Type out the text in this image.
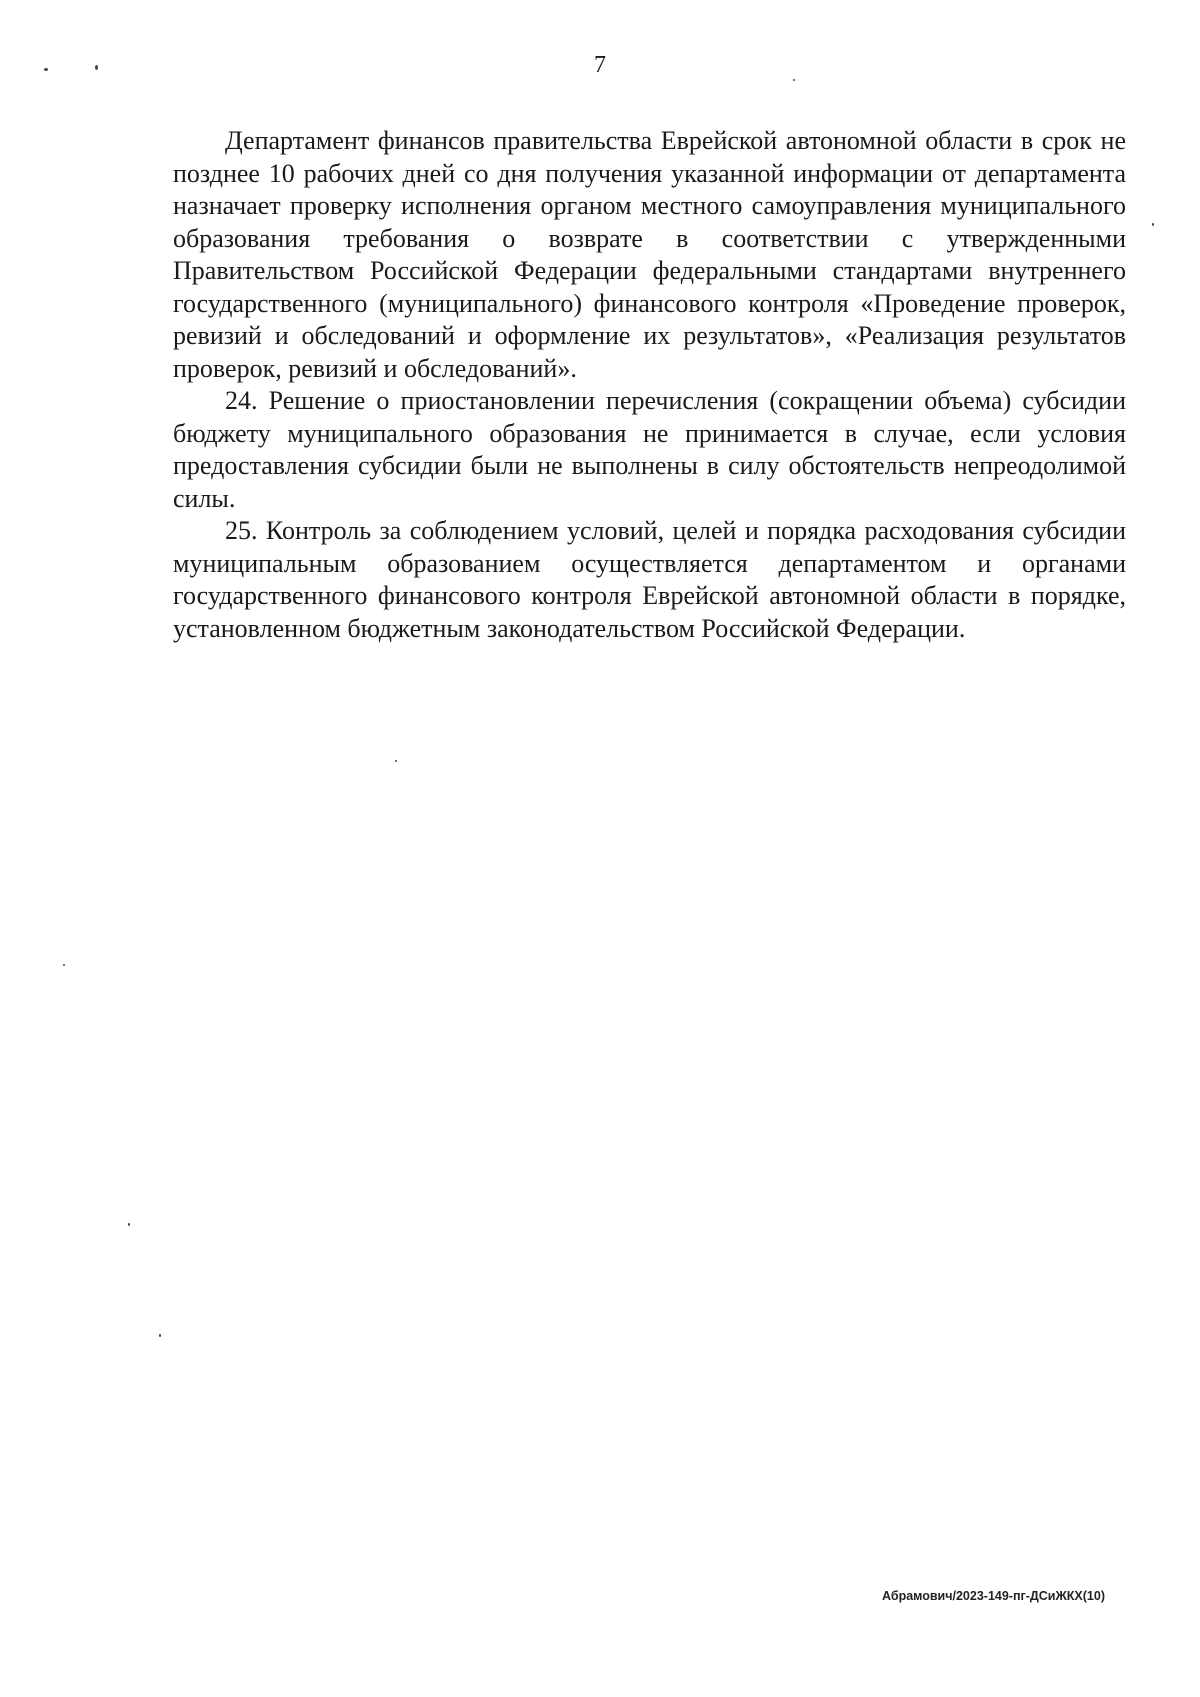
7

Департамент финансов правительства Еврейской автономной области в срок не позднее 10 рабочих дней со дня получения указанной информации от департамента назначает проверку исполнения органом местного самоуправления муниципального образования требования о возврате в соответствии с утвержденными Правительством Российской Федерации федеральными стандартами внутреннего государственного (муниципального) финансового контроля «Проведение проверок, ревизий и обследований и оформление их результатов», «Реализация результатов проверок, ревизий и обследований».

24. Решение о приостановлении перечисления (сокращении объема) субсидии бюджету муниципального образования не принимается в случае, если условия предоставления субсидии были не выполнены в силу обстоятельств непреодолимой силы.

25. Контроль за соблюдением условий, целей и порядка расходования субсидии муниципальным образованием осуществляется департаментом и органами государственного финансового контроля Еврейской автономной области в порядке, установленном бюджетным законодательством Российской Федерации.

Абрамович/2023-149-пг-ДСиЖКХ(10)
